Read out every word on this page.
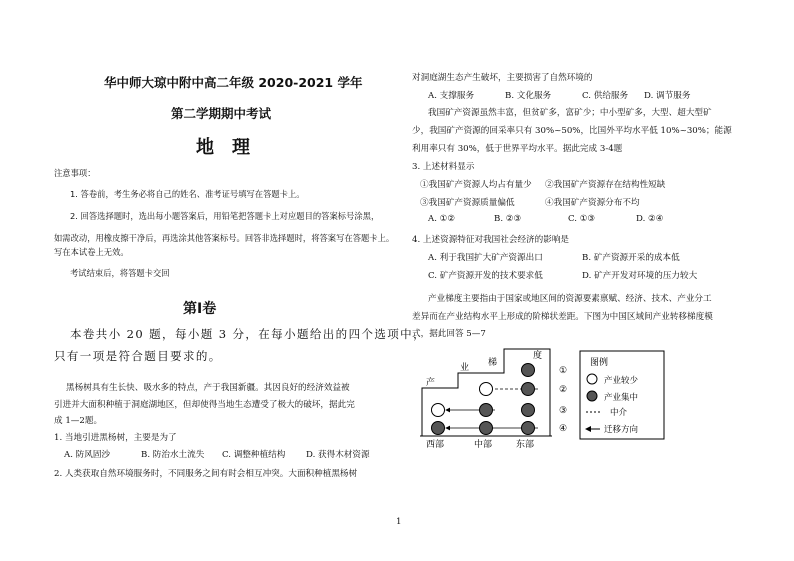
华中师大琼中附中高二年级 2020-2021 学年
第二学期期中考试
地理
注意事项：
1. 答卷前，考生务必将自己的姓名、准考证号填写在答题卡上。
2. 回答选择题时，选出每小题答案后，用铅笔把答题卡上对应题目的答案标号涂黑，
如需改动，用橡皮擦干净后，再选涂其他答案标号。回答非选择题时，将答案写在答题卡上。
写在本试卷上无效。
考试结束后，将答题卡交回
第Ⅰ卷
本卷共小 20 题，每小题 3 分，在每小题给出的四个选项中，
只有一项是符合题目要求的。
黑杨树具有生长快、吸水多的特点，产于我国新疆。其因良好的经济效益被
引进并大面积种植于洞庭湖地区，但却使得当地生态遭受了极大的破坏，据此完
成 1—2题。
1. 当地引进黑杨树，主要是为了
A. 防风固沙	B. 防治水土流失 C. 调整种植结构 D. 获得木材资源
2. 人类获取自然环境服务时，不同服务之间有时会相互冲突。大面积种植黑杨树
对洞庭湖生态产生破坏，主要损害了自然环境的
A. 支撑服务	B. 文化服务	C. 供给服务 D. 调节服务
我国矿产资源虽然丰富，但贫矿多，富矿少；中小型矿多，大型、超大型矿
少，我国矿产资源的回采率只有 30%~50%，比国外平均水平低 10%~30%；能源
利用率只有 30%，低于世界平均水平。据此完成 3-4题
3. 上述材料显示
①我国矿产资源人均占有量少 ②我国矿产资源存在结构性短缺
③我国矿产资源质量偏低	④我国矿产资源分布不均
A. ①②	B. ②③	C. ①③	D. ②④
4. 上述资源特征对我国社会经济的影响是
A. 利于我国扩大矿产资源出口	B. 矿产资源开采的成本低
C. 矿产资源开发的技术要求低	D. 矿产开发对环境的压力较大
产业梯度主要指由于国家或地区间的资源要素禀赋、经济、技术、产业分工
差异而在产业结构水平上形成的阶梯状差距。下图为中国区域间产业转移梯度模
式，据此回答 5—7
产
业 梯
度
西部	中部	东部
①
②
③
④
图例
产业较少
产业集中
中介
迁移方向
1
